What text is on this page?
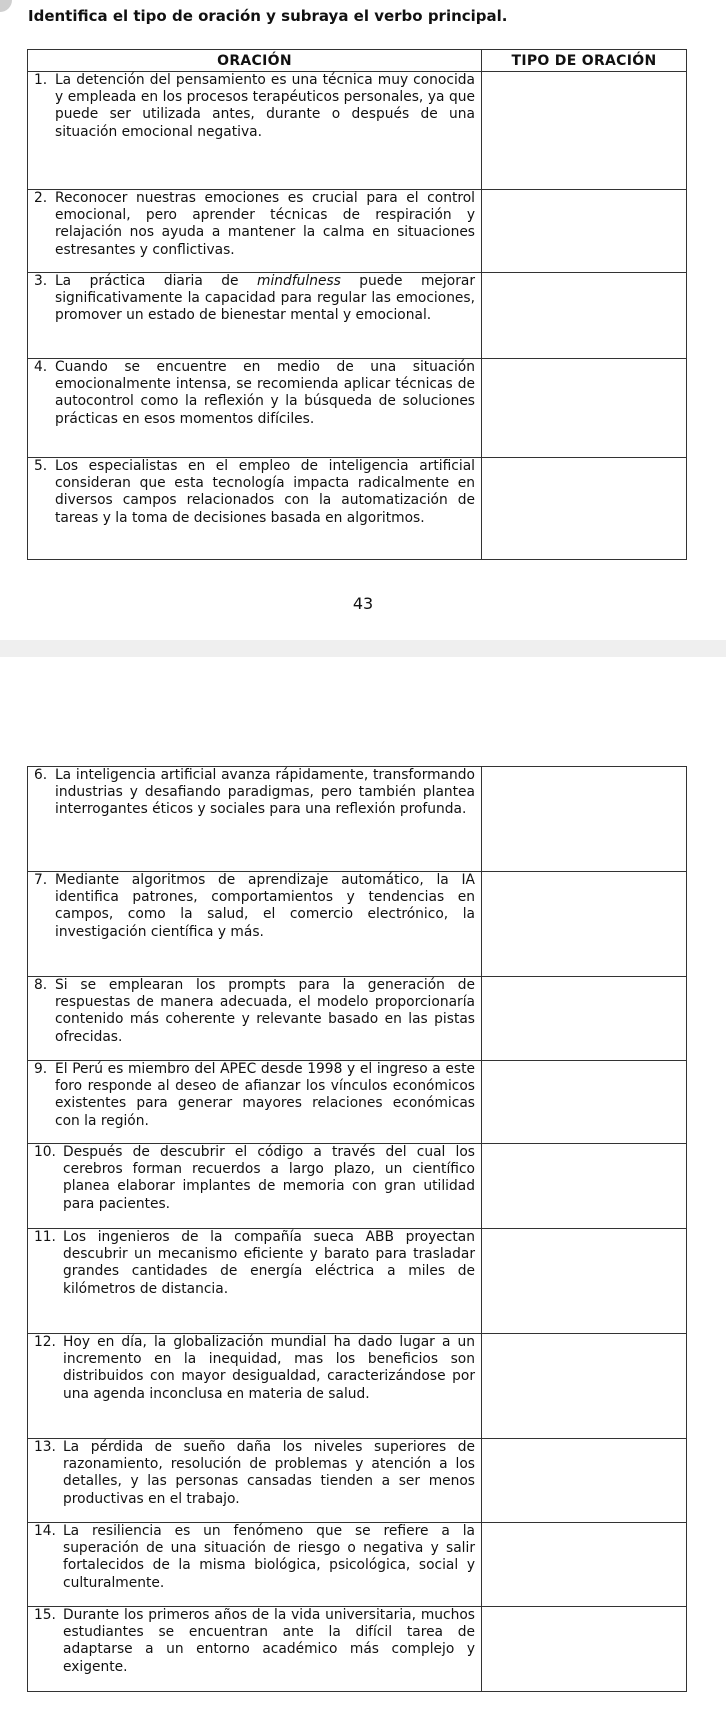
Identifica el tipo de oración y subraya el verbo principal.

ORACIÓN	TIPO DE ORACIÓN

1. La detención del pensamiento es una técnica muy conocida y empleada en los procesos terapéuticos personales, ya que puede ser utilizada antes, durante o después de una situación emocional negativa.	

2. Reconocer nuestras emociones es crucial para el control emocional, pero aprender técnicas de respiración y relajación nos ayuda a mantener la calma en situaciones estresantes y conflictivas.	

3. La práctica diaria de mindfulness puede mejorar significativamente la capacidad para regular las emociones, promover un estado de bienestar mental y emocional.	

4. Cuando se encuentre en medio de una situación emocionalmente intensa, se recomienda aplicar técnicas de autocontrol como la reflexión y la búsqueda de soluciones prácticas en esos momentos difíciles.	

5. Los especialistas en el empleo de inteligencia artificial consideran que esta tecnología impacta radicalmente en diversos campos relacionados con la automatización de tareas y la toma de decisiones basada en algoritmos.	

43
6. La inteligencia artificial avanza rápidamente, transformando industrias y desafiando paradigmas, pero también plantea interrogantes éticos y sociales para una reflexión profunda.	

7. Mediante algoritmos de aprendizaje automático, la IA identifica patrones, comportamientos y tendencias en campos, como la salud, el comercio electrónico, la investigación científica y más.	

8. Si se emplearan los prompts para la generación de respuestas de manera adecuada, el modelo proporcionaría contenido más coherente y relevante basado en las pistas ofrecidas.	

9. El Perú es miembro del APEC desde 1998 y el ingreso a este foro responde al deseo de afianzar los vínculos económicos existentes para generar mayores relaciones económicas con la región.	

10. Después de descubrir el código a través del cual los cerebros forman recuerdos a largo plazo, un científico planea elaborar implantes de memoria con gran utilidad para pacientes.	

11. Los ingenieros de la compañía sueca ABB proyectan descubrir un mecanismo eficiente y barato para trasladar grandes cantidades de energía eléctrica a miles de kilómetros de distancia.	

12. Hoy en día, la globalización mundial ha dado lugar a un incremento en la inequidad, mas los beneficios son distribuidos con mayor desigualdad, caracterizándose por una agenda inconclusa en materia de salud.	

13. La pérdida de sueño daña los niveles superiores de razonamiento, resolución de problemas y atención a los detalles, y las personas cansadas tienden a ser menos productivas en el trabajo.	

14. La resiliencia es un fenómeno que se refiere a la superación de una situación de riesgo o negativa y salir fortalecidos de la misma biológica, psicológica, social y culturalmente.	

15. Durante los primeros años de la vida universitaria, muchos estudiantes se encuentran ante la difícil tarea de adaptarse a un entorno académico más complejo y exigente.	
